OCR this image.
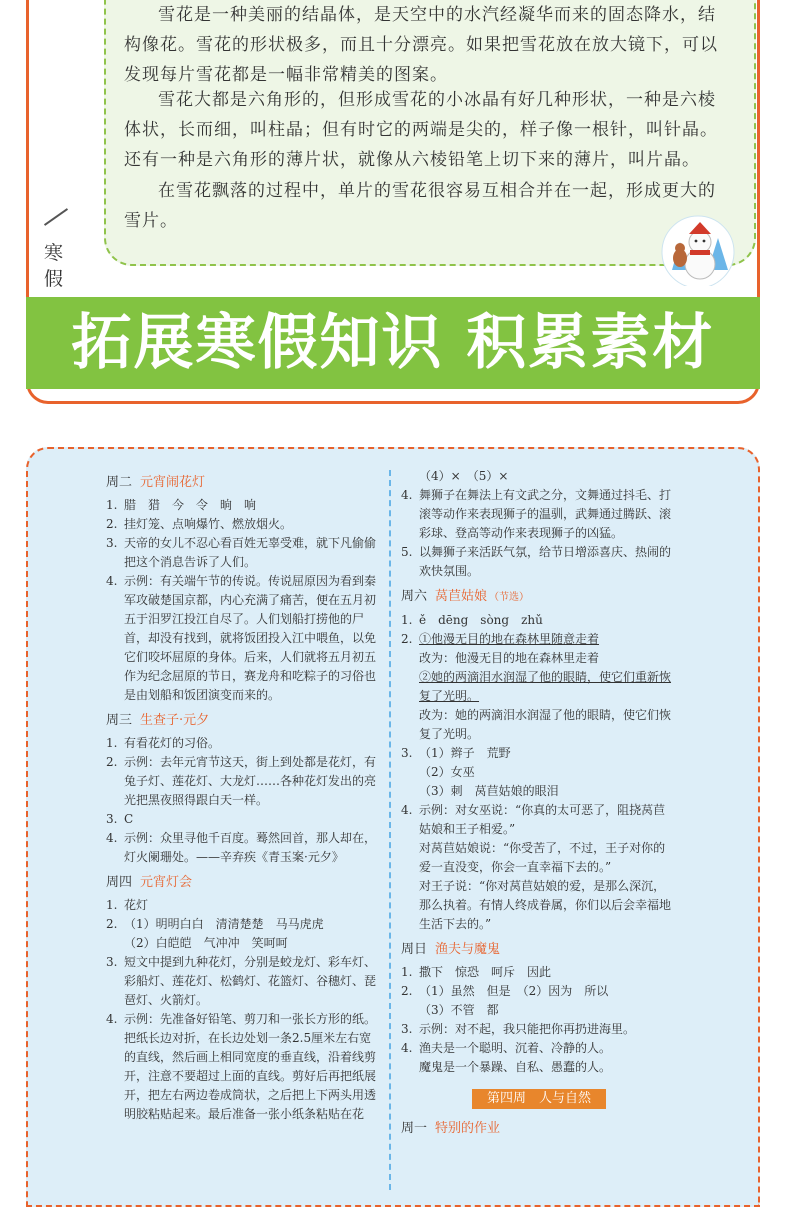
雪花是一种美丽的结晶体，是天空中的水汽经凝华而来的固态降水，结构像花。雪花的形状极多，而且十分漂亮。如果把雪花放在放大镜下，可以发现每片雪花都是一幅非常精美的图案。

雪花大都是六角形的，但形成雪花的小冰晶有好几种形状，一种是六棱体状，长而细，叫柱晶；但有时它的两端是尖的，样子像一根针，叫针晶。还有一种是六角形的薄片状，就像从六棱铅笔上切下来的薄片，叫片晶。

在雪花飘落的过程中，单片的雪花很容易互相合并在一起，形成更大的雪片。

寒假
拓展寒假知识 积累素材
周二 元宵闹花灯
1. 腊　猎　今　令　晌　响
2. 挂灯笼、点响爆竹、燃放烟火。
3. 天帝的女儿不忍心看百姓无辜受难，就下凡偷偷把这个消息告诉了人们。
4. 示例：有关端午节的传说。传说屈原因为看到秦军攻破楚国京都，内心充满了痛苦，便在五月初五于汨罗江投江自尽了。人们划船打捞他的尸首，却没有找到，就将饭团投入江中喂鱼，以免它们咬坏屈原的身体。后来，人们就将五月初五作为纪念屈原的节日，赛龙舟和吃粽子的习俗也是由划船和饭团演变而来的。
周三 生查子·元夕
1. 有看花灯的习俗。
2. 示例：去年元宵节这天，街上到处都是花灯，有兔子灯、莲花灯、大龙灯……各种花灯发出的亮光把黑夜照得跟白天一样。
3. C
4. 示例：众里寻他千百度。蓦然回首，那人却在，灯火阑珊处。——辛弃疾《青玉案·元夕》
周四 元宵灯会
1. 花灯
2. （1）明明白白　清清楚楚　马马虎虎
（2）白皑皑　气冲冲　笑呵呵
3. 短文中提到九种花灯，分别是蛟龙灯、彩车灯、彩船灯、莲花灯、松鹤灯、花篮灯、谷穗灯、琵琶灯、火箭灯。
4. 示例：先准备好铅笔、剪刀和一张长方形的纸。把纸长边对折，在长边处划一条2.5厘米左右宽的直线，然后画上相同宽度的垂直线，沿着线剪开，注意不要超过上面的直线。剪好后再把纸展开，把左右两边卷成筒状，之后把上下两头用透明胶粘贴起来。最后准备一张小纸条粘贴在花
（4）×　（5）×
4. 舞狮子在舞法上有文武之分，文舞通过抖毛、打滚等动作来表现狮子的温驯，武舞通过腾跃、滚彩球、登高等动作来表现狮子的凶猛。
5. 以舞狮子来活跃气氛，给节日增添喜庆、热闹的欢快氛围。
周六 莴苣姑娘 （节选）
1. ě　dēng　sòng　zhǔ
2. ①他漫无目的地在森林里随意走着
改为：他漫无目的地在森林里走着
②她的两滴泪水润湿了他的眼睛，使它们重新恢复了光明。
改为：她的两滴泪水润湿了他的眼睛，使它们恢复了光明。
3. （1）辫子　荒野
（2）女巫
（3）刺　莴苣姑娘的眼泪
4. 示例：对女巫说：“你真的太可恶了，阻挠莴苣姑娘和王子相爱。”
对莴苣姑娘说：“你受苦了，不过，王子对你的爱一直没变，你会一直幸福下去的。”
对王子说：“你对莴苣姑娘的爱，是那么深沉，那么执着。有情人终成眷属，你们以后会幸福地生活下去的。”
周日 渔夫与魔鬼
1. 撒下　惊恐　呵斥　因此
2. （1）虽然　但是　（2）因为　所以
（3）不管　都
3. 示例：对不起，我只能把你再扔进海里。
4. 渔夫是一个聪明、沉着、冷静的人。
魔鬼是一个暴躁、自私、愚蠢的人。
第四周　人与自然
周一 特别的作业
